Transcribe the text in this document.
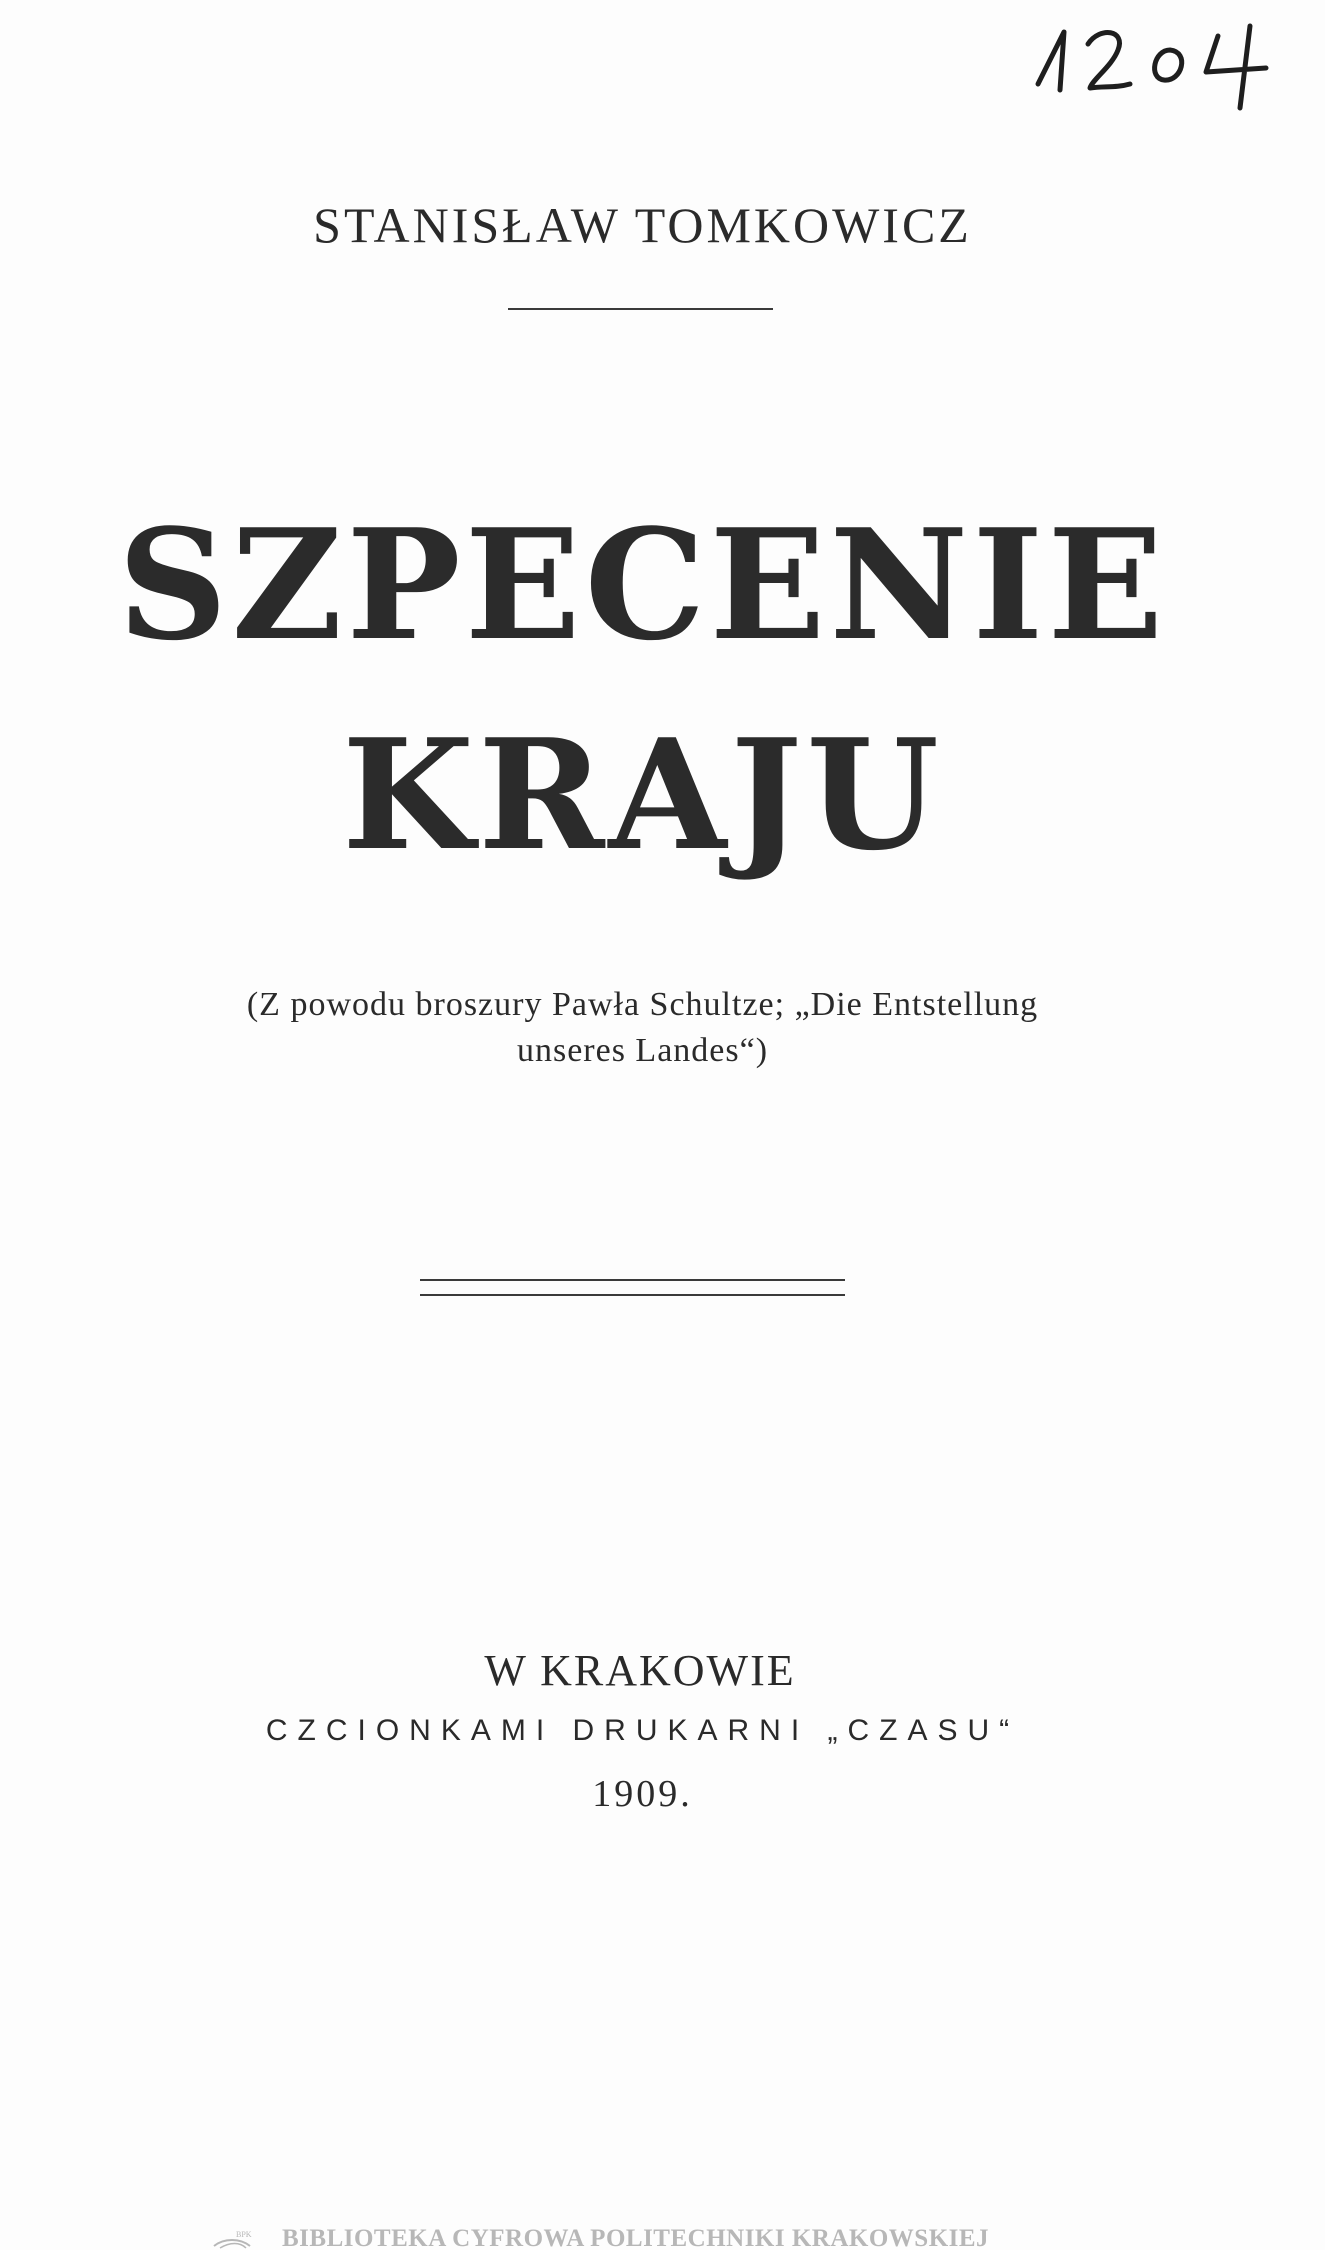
STANISŁAW TOMKOWICZ
SZPECENIE
KRAJU
(Z powodu broszury Pawła Schultze; „Die Entstellung
unseres Landes“)
W KRAKOWIE
CZCIONKAMI DRUKARNI „CZASU“
1909.
BPK BIBLIOTEKA CYFROWA POLITECHNIKI KRAKOWSKIEJ
